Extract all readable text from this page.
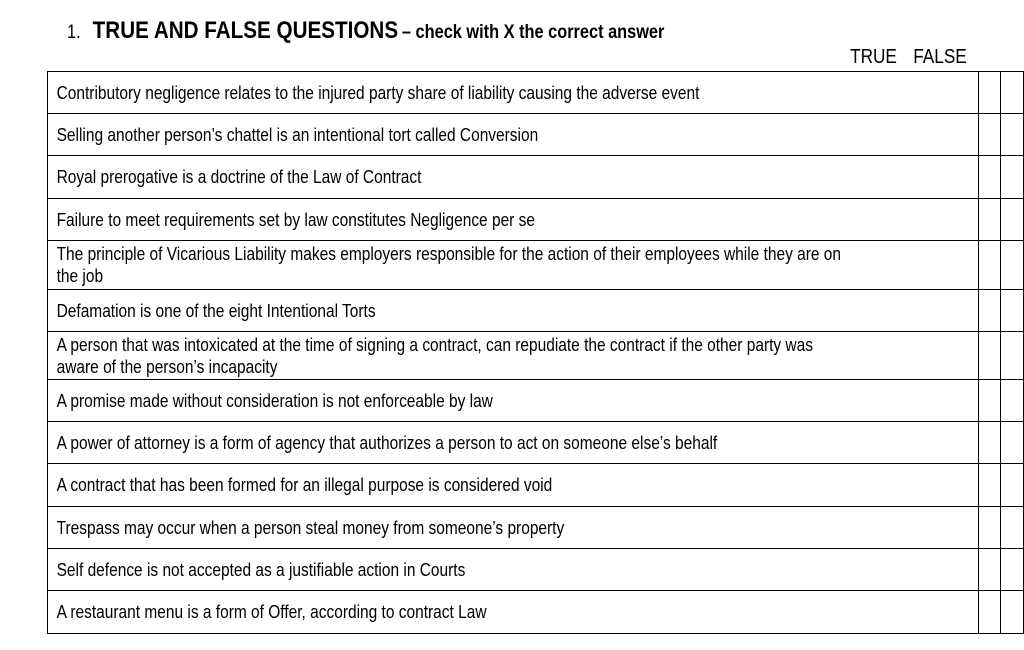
1. TRUE AND FALSE QUESTIONS – check with X the correct answer
TRUE FALSE
Contributory negligence relates to the injured party share of liability causing the adverse event		

Selling another person’s chattel is an intentional tort called Conversion		

Royal prerogative is a doctrine of the Law of Contract		

Failure to meet requirements set by law constitutes Negligence per se		

The principle of Vicarious Liability makes employers responsible for the action of their employees while they are on the job		

Defamation is one of the eight Intentional Torts		

A person that was intoxicated at the time of signing a contract, can repudiate the contract if the other party was aware of the person’s incapacity		

A promise made without consideration is not enforceable by law		

A power of attorney is a form of agency that authorizes a person to act on someone else’s behalf		

A contract that has been formed for an illegal purpose is considered void		

Trespass may occur when a person steal money from someone’s property		

Self defence is not accepted as a justifiable action in Courts		

A restaurant menu is a form of Offer, according to contract Law		
